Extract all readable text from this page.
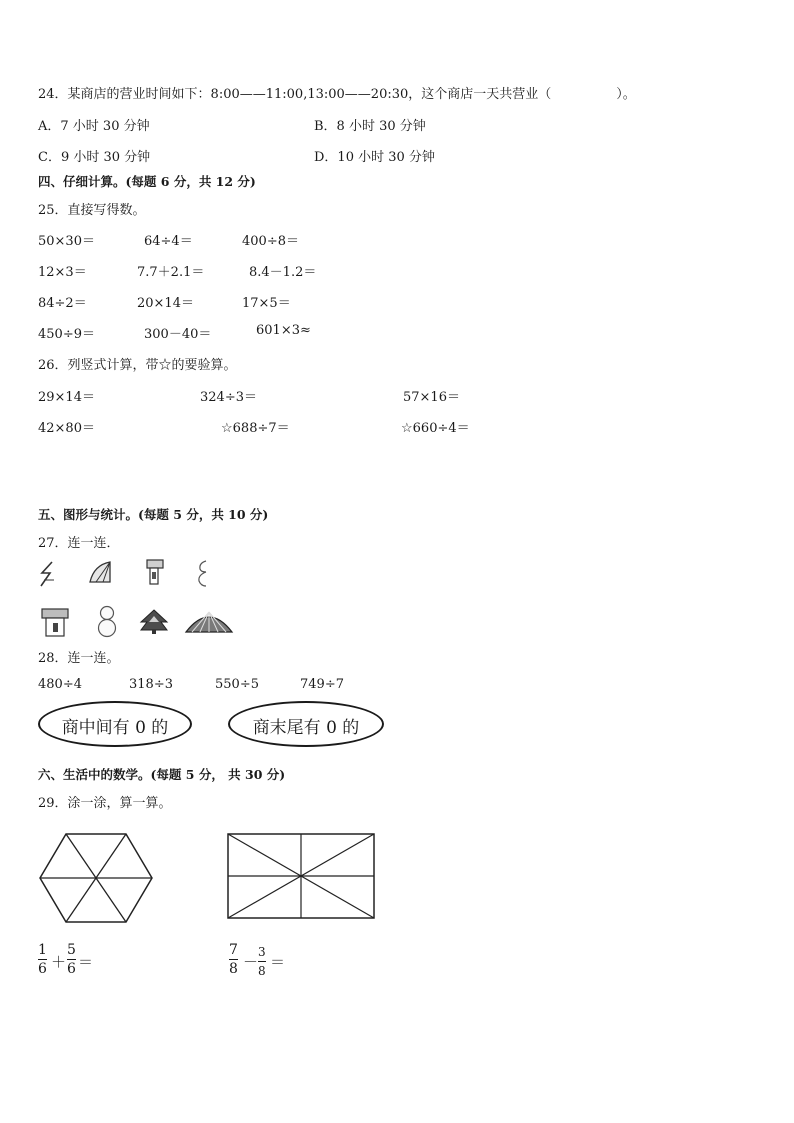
24．某商店的营业时间如下：8:00——11:00,13:00——20:30，这个商店一天共营业（　　　　　）。
A．7 小时 30 分钟	B．8 小时 30 分钟
C．9 小时 30 分钟	D．10 小时 30 分钟
四、仔细计算。(每题 6 分，共 12 分)
25．直接写得数。
50×30＝	64÷4＝	400÷8＝
12×3＝	7.7＋2.1＝	8.4－1.2＝
84÷2＝	20×14＝	17×5＝
450÷9＝	300－40＝	601×3≈
26．列竖式计算，带☆的要验算。
29×14＝	324÷3＝	57×16＝
42×80＝	☆688÷7＝	☆660÷4＝
五、图形与统计。(每题 5 分，共 10 分)
27．连一连．
28．连一连。
480÷4	318÷3	550÷5	749÷7
商中间有 0 的	商末尾有 0 的
六、生活中的数学。(每题 5 分， 共 30 分)
29．涂一涂，算一算。
1
6 ＋
5
6 ＝
7
8 －
3
8 ＝
